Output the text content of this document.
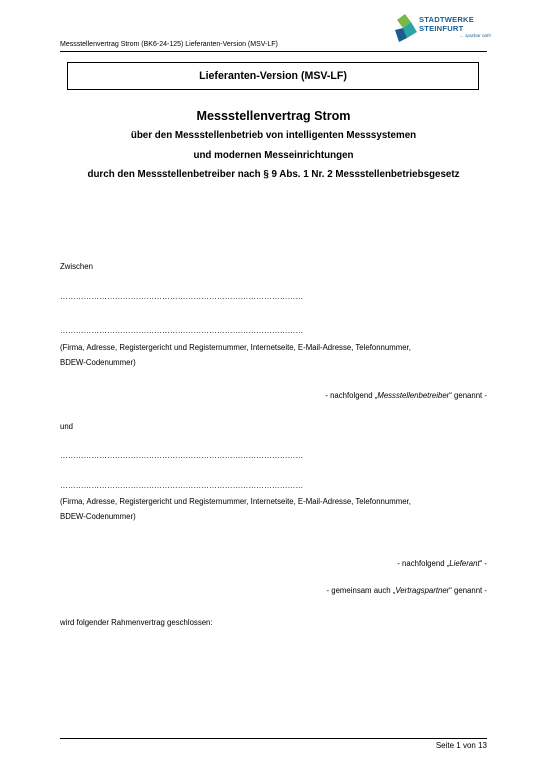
STADTWERKE
STEINFURT
... spürbar nah!
Messstellenvertrag Strom (BK6-24-125) Lieferanten-Version (MSV-LF)
Lieferanten-Version (MSV-LF)
Messstellenvertrag Strom
über den Messstellenbetrieb von intelligenten Messsystemen
und modernen Messeinrichtungen
durch den Messstellenbetreiber nach § 9 Abs. 1 Nr. 2 Messstellenbetriebsgesetz
Zwischen
…………………………………………………………………………………
…………………………………………………………………………………
(Firma, Adresse, Registergericht und Registernummer, Internetseite, E-Mail-Adresse, Telefonnummer,
BDEW-Codenummer)
- nachfolgend „Messstellenbetreiber“ genannt -
und
…………………………………………………………………………………
…………………………………………………………………………………
(Firma, Adresse, Registergericht und Registernummer, Internetseite, E-Mail-Adresse, Telefonnummer,
BDEW-Codenummer)
- nachfolgend „Lieferant“ -
- gemeinsam auch „Vertragspartner“ genannt -
wird folgender Rahmenvertrag geschlossen:
Seite 1 von 13
